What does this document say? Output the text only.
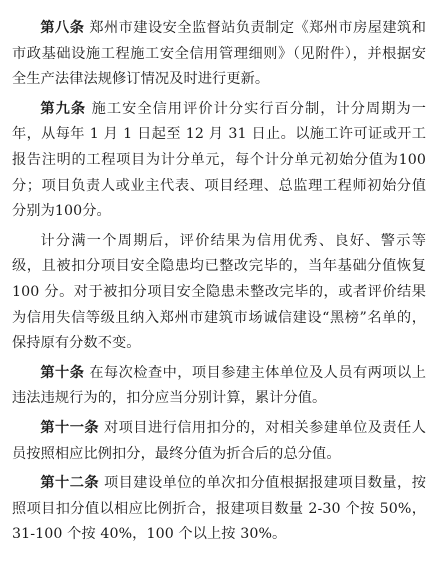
第八条 郑州市建设安全监督站负责制定《郑州市房屋建筑和市政基础设施工程施工安全信用管理细则》（见附件），并根据安全生产法律法规修订情况及时进行更新。

第九条 施工安全信用评价计分实行百分制，计分周期为一年，从每年 1 月 1 日起至 12 月 31 日止。以施工许可证或开工报告注明的工程项目为计分单元，每个计分单元初始分值为100分；项目负责人或业主代表、项目经理、总监理工程师初始分值分别为100分。

计分满一个周期后，评价结果为信用优秀、良好、警示等级，且被扣分项目安全隐患均已整改完毕的，当年基础分值恢复 100 分。对于被扣分项目安全隐患未整改完毕的，或者评价结果为信用失信等级且纳入郑州市建筑市场诚信建设“黑榜”名单的，保持原有分数不变。

第十条 在每次检查中，项目参建主体单位及人员有两项以上违法违规行为的，扣分应当分别计算，累计分值。

第十一条 对项目进行信用扣分的，对相关参建单位及责任人员按照相应比例扣分，最终分值为折合后的总分值。

第十二条 项目建设单位的单次扣分值根据报建项目数量，按照项目扣分值以相应比例折合，报建项目数量 2-30 个按 50%，31-100 个按 40%，100 个以上按 30%。
